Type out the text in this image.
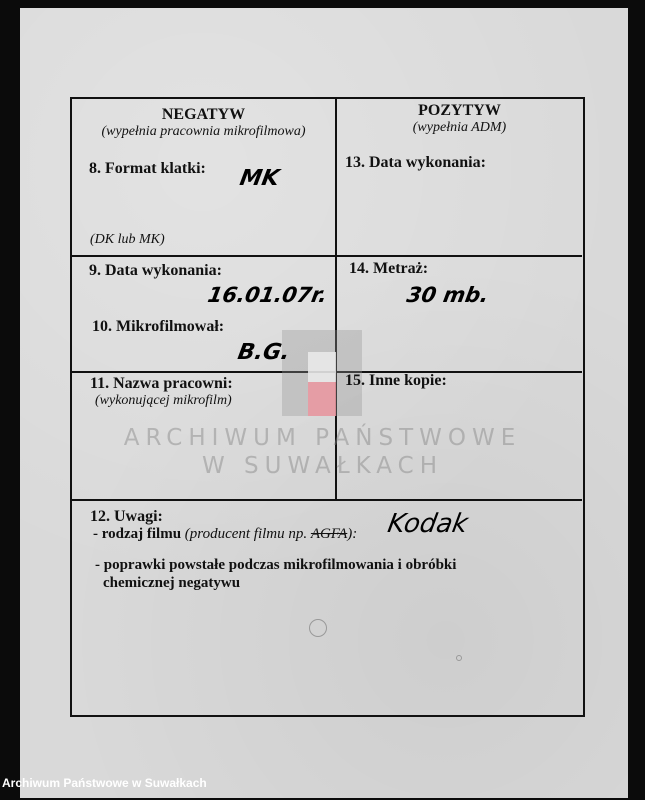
ARCHIWUM PAŃSTWOWE
W SUWAŁKACH
NEGATYW
(wypełnia pracownia mikrofilmowa)
POZYTYW
(wypełnia ADM)
8. Format klatki: MK
(DK lub MK)
13. Data wykonania:
9. Data wykonania:
16.01.07r.
14. Metraż:
30 mb.
10. Mikrofilmował:
B.G.
11. Nazwa pracowni:
(wykonującej mikrofilm)
15. Inne kopie:
12. Uwagi:
- rodzaj filmu (producent filmu np. AGFA): Kodak
- poprawki powstałe podczas mikrofilmowania i obróbki
chemicznej negatywu
Archiwum Państwowe w Suwałkach
